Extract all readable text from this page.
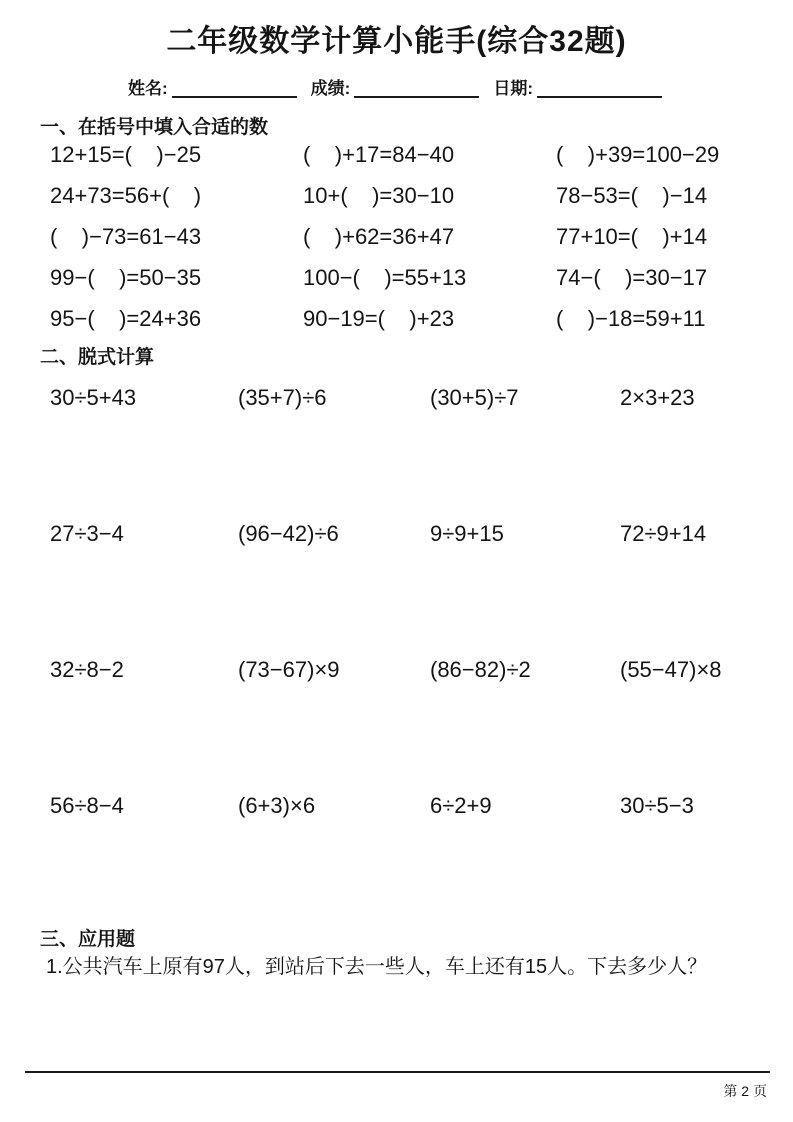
二年级数学计算小能手(综合32题)
姓名:	成绩:	日期:
一、在括号中填入合适的数
12+15=(    )−25	(    )+17=84−40	(    )+39=100−29
24+73=56+(    )	10+(    )=30−10	78−53=(    )−14
(    )−73=61−43	(    )+62=36+47	77+10=(    )+14
99−(    )=50−35	100−(    )=55+13	74−(    )=30−17
95−(    )=24+36	90−19=(    )+23	(    )−18=59+11
二、脱式计算
30÷5+43	(35+7)÷6	(30+5)÷7	2×3+23
27÷3−4	(96−42)÷6	9÷9+15	72÷9+14
32÷8−2	(73−67)×9	(86−82)÷2	(55−47)×8
56÷8−4	(6+3)×6	6÷2+9	30÷5−3
三、应用题
1.公共汽车上原有97人，到站后下去一些人，车上还有15人。下去多少人？
第 2 页
